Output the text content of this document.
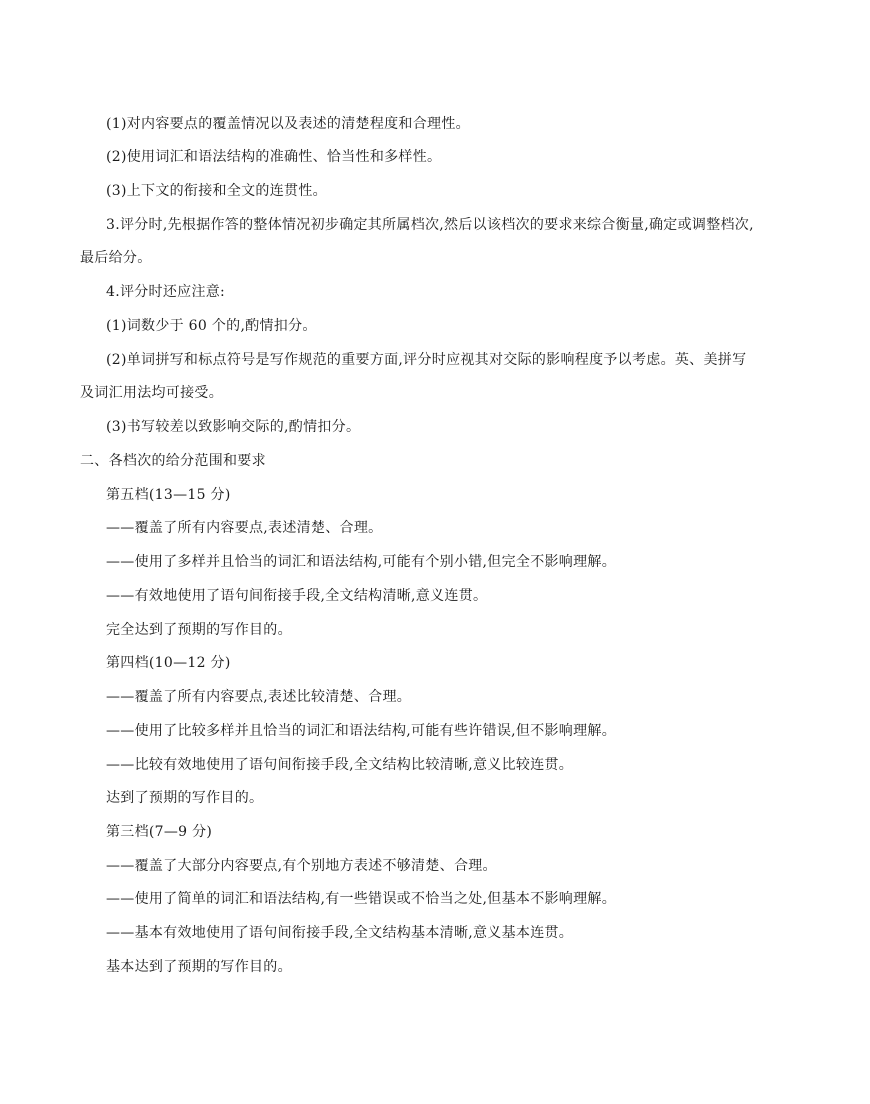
(1)对内容要点的覆盖情况以及表述的清楚程度和合理性。
(2)使用词汇和语法结构的准确性、恰当性和多样性。
(3)上下文的衔接和全文的连贯性。
3.评分时,先根据作答的整体情况初步确定其所属档次,然后以该档次的要求来综合衡量,确定或调整档次,
最后给分。
4.评分时还应注意:
(1)词数少于 60 个的,酌情扣分。
(2)单词拼写和标点符号是写作规范的重要方面,评分时应视其对交际的影响程度予以考虑。英、美拼写
及词汇用法均可接受。
(3)书写较差以致影响交际的,酌情扣分。
二、各档次的给分范围和要求
第五档(13—15 分)
——覆盖了所有内容要点,表述清楚、合理。
——使用了多样并且恰当的词汇和语法结构,可能有个别小错,但完全不影响理解。
——有效地使用了语句间衔接手段,全文结构清晰,意义连贯。
完全达到了预期的写作目的。
第四档(10—12 分)
——覆盖了所有内容要点,表述比较清楚、合理。
——使用了比较多样并且恰当的词汇和语法结构,可能有些许错误,但不影响理解。
——比较有效地使用了语句间衔接手段,全文结构比较清晰,意义比较连贯。
达到了预期的写作目的。
第三档(7—9 分)
——覆盖了大部分内容要点,有个别地方表述不够清楚、合理。
——使用了简单的词汇和语法结构,有一些错误或不恰当之处,但基本不影响理解。
——基本有效地使用了语句间衔接手段,全文结构基本清晰,意义基本连贯。
基本达到了预期的写作目的。
